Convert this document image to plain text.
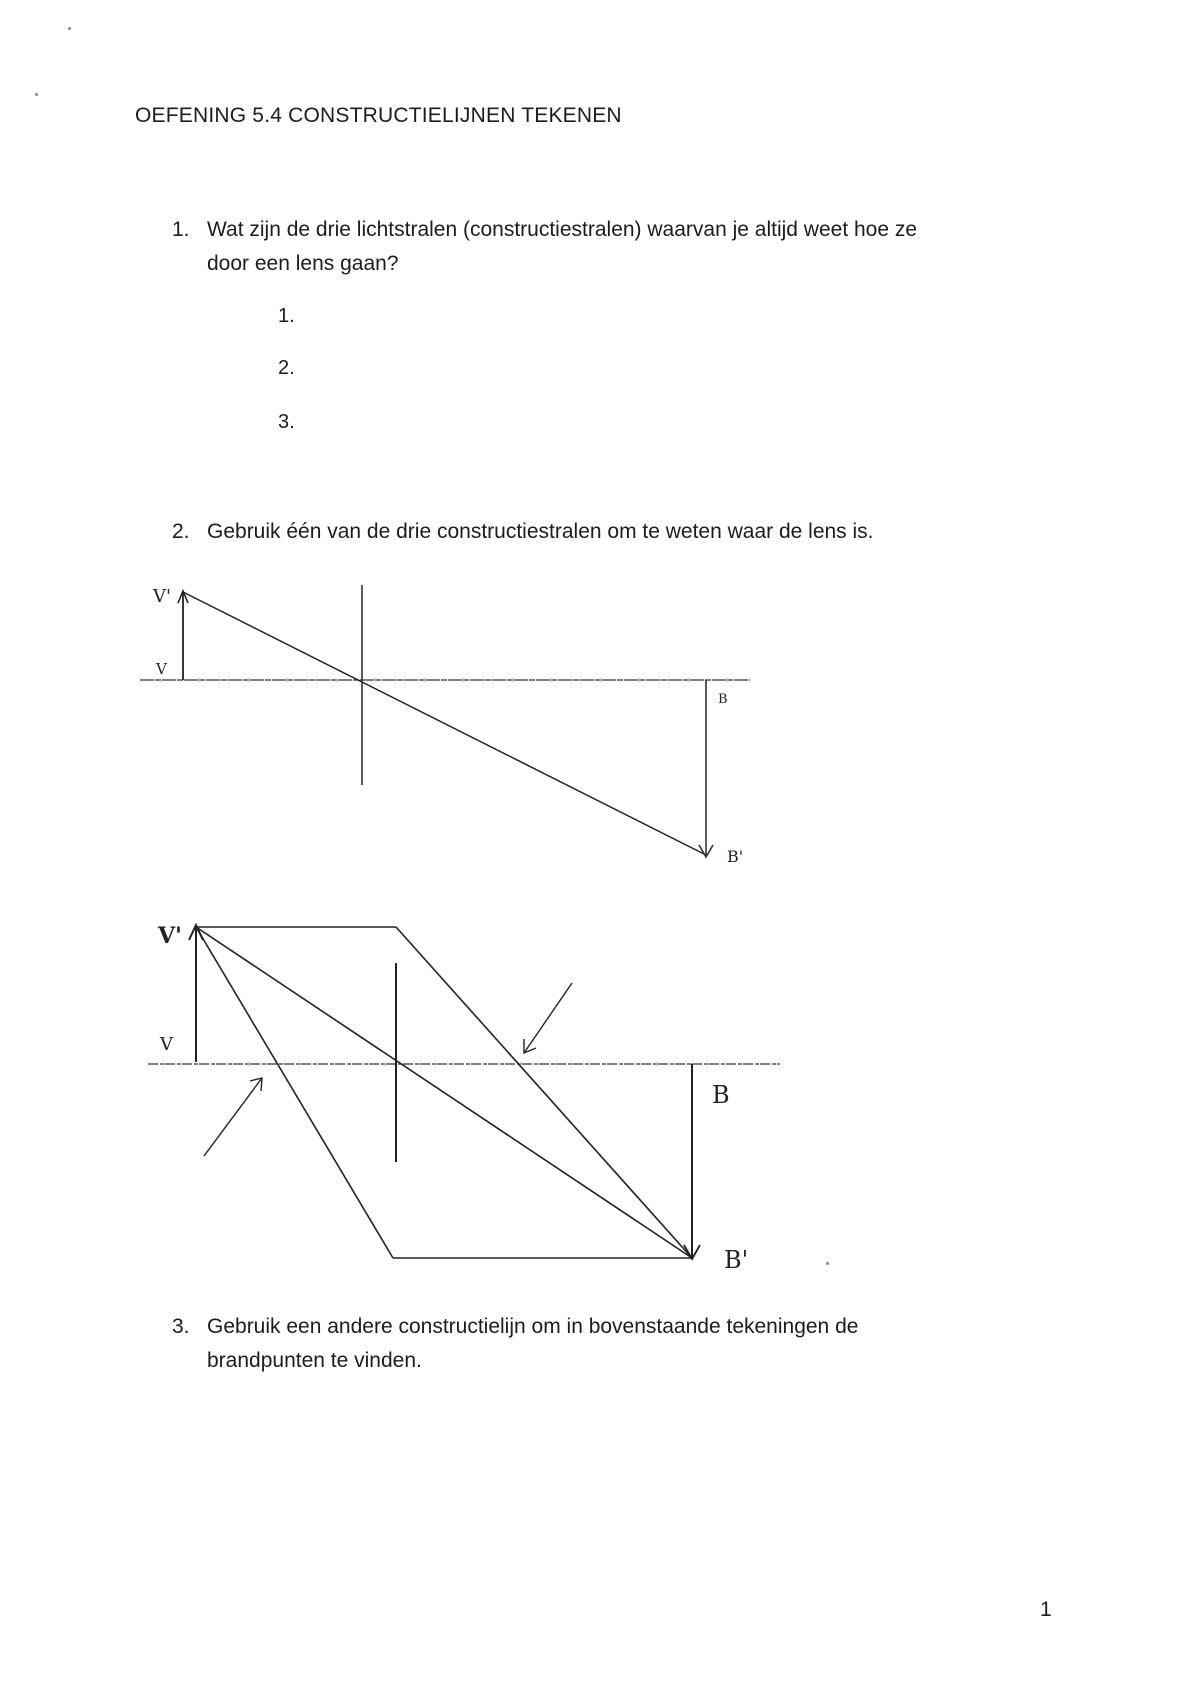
OEFENING 5.4 CONSTRUCTIELIJNEN TEKENEN
1. Wat zijn de drie lichtstralen (constructiestralen) waarvan je altijd weet hoe ze
door een lens gaan?
1.
2.
3.
2. Gebruik één van de drie constructiestralen om te weten waar de lens is.
V'
V
B
B'
V'
V
B
B'
3. Gebruik een andere constructielijn om in bovenstaande tekeningen de
brandpunten te vinden.
1
